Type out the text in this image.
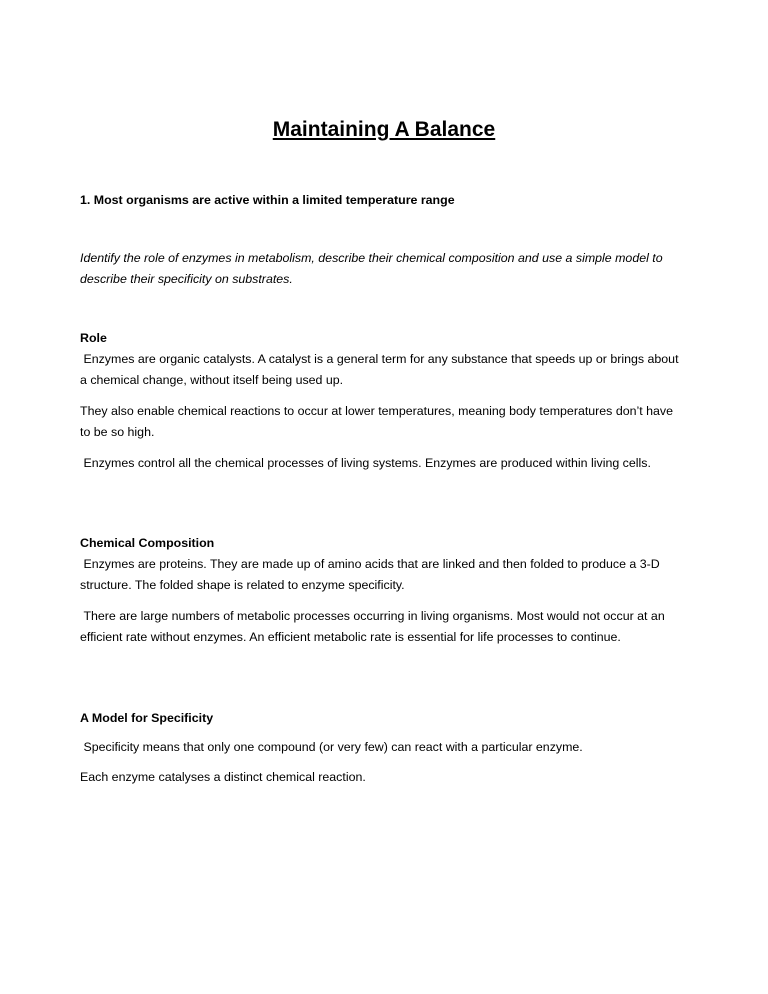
Maintaining A Balance

1. Most organisms are active within a limited temperature range

Identify the role of enzymes in metabolism, describe their chemical composition and use a simple model to describe their specificity on substrates.

Role

Enzymes are organic catalysts. A catalyst is a general term for any substance that speeds up or brings about a chemical change, without itself being used up.

They also enable chemical reactions to occur at lower temperatures, meaning body temperatures don’t have to be so high.

Enzymes control all the chemical processes of living systems. Enzymes are produced within living cells.

Chemical Composition

Enzymes are proteins. They are made up of amino acids that are linked and then folded to produce a 3-D structure. The folded shape is related to enzyme specificity.

There are large numbers of metabolic processes occurring in living organisms. Most would not occur at an efficient rate without enzymes. An efficient metabolic rate is essential for life processes to continue.

A Model for Specificity

Specificity means that only one compound (or very few) can react with a particular enzyme.

Each enzyme catalyses a distinct chemical reaction.
